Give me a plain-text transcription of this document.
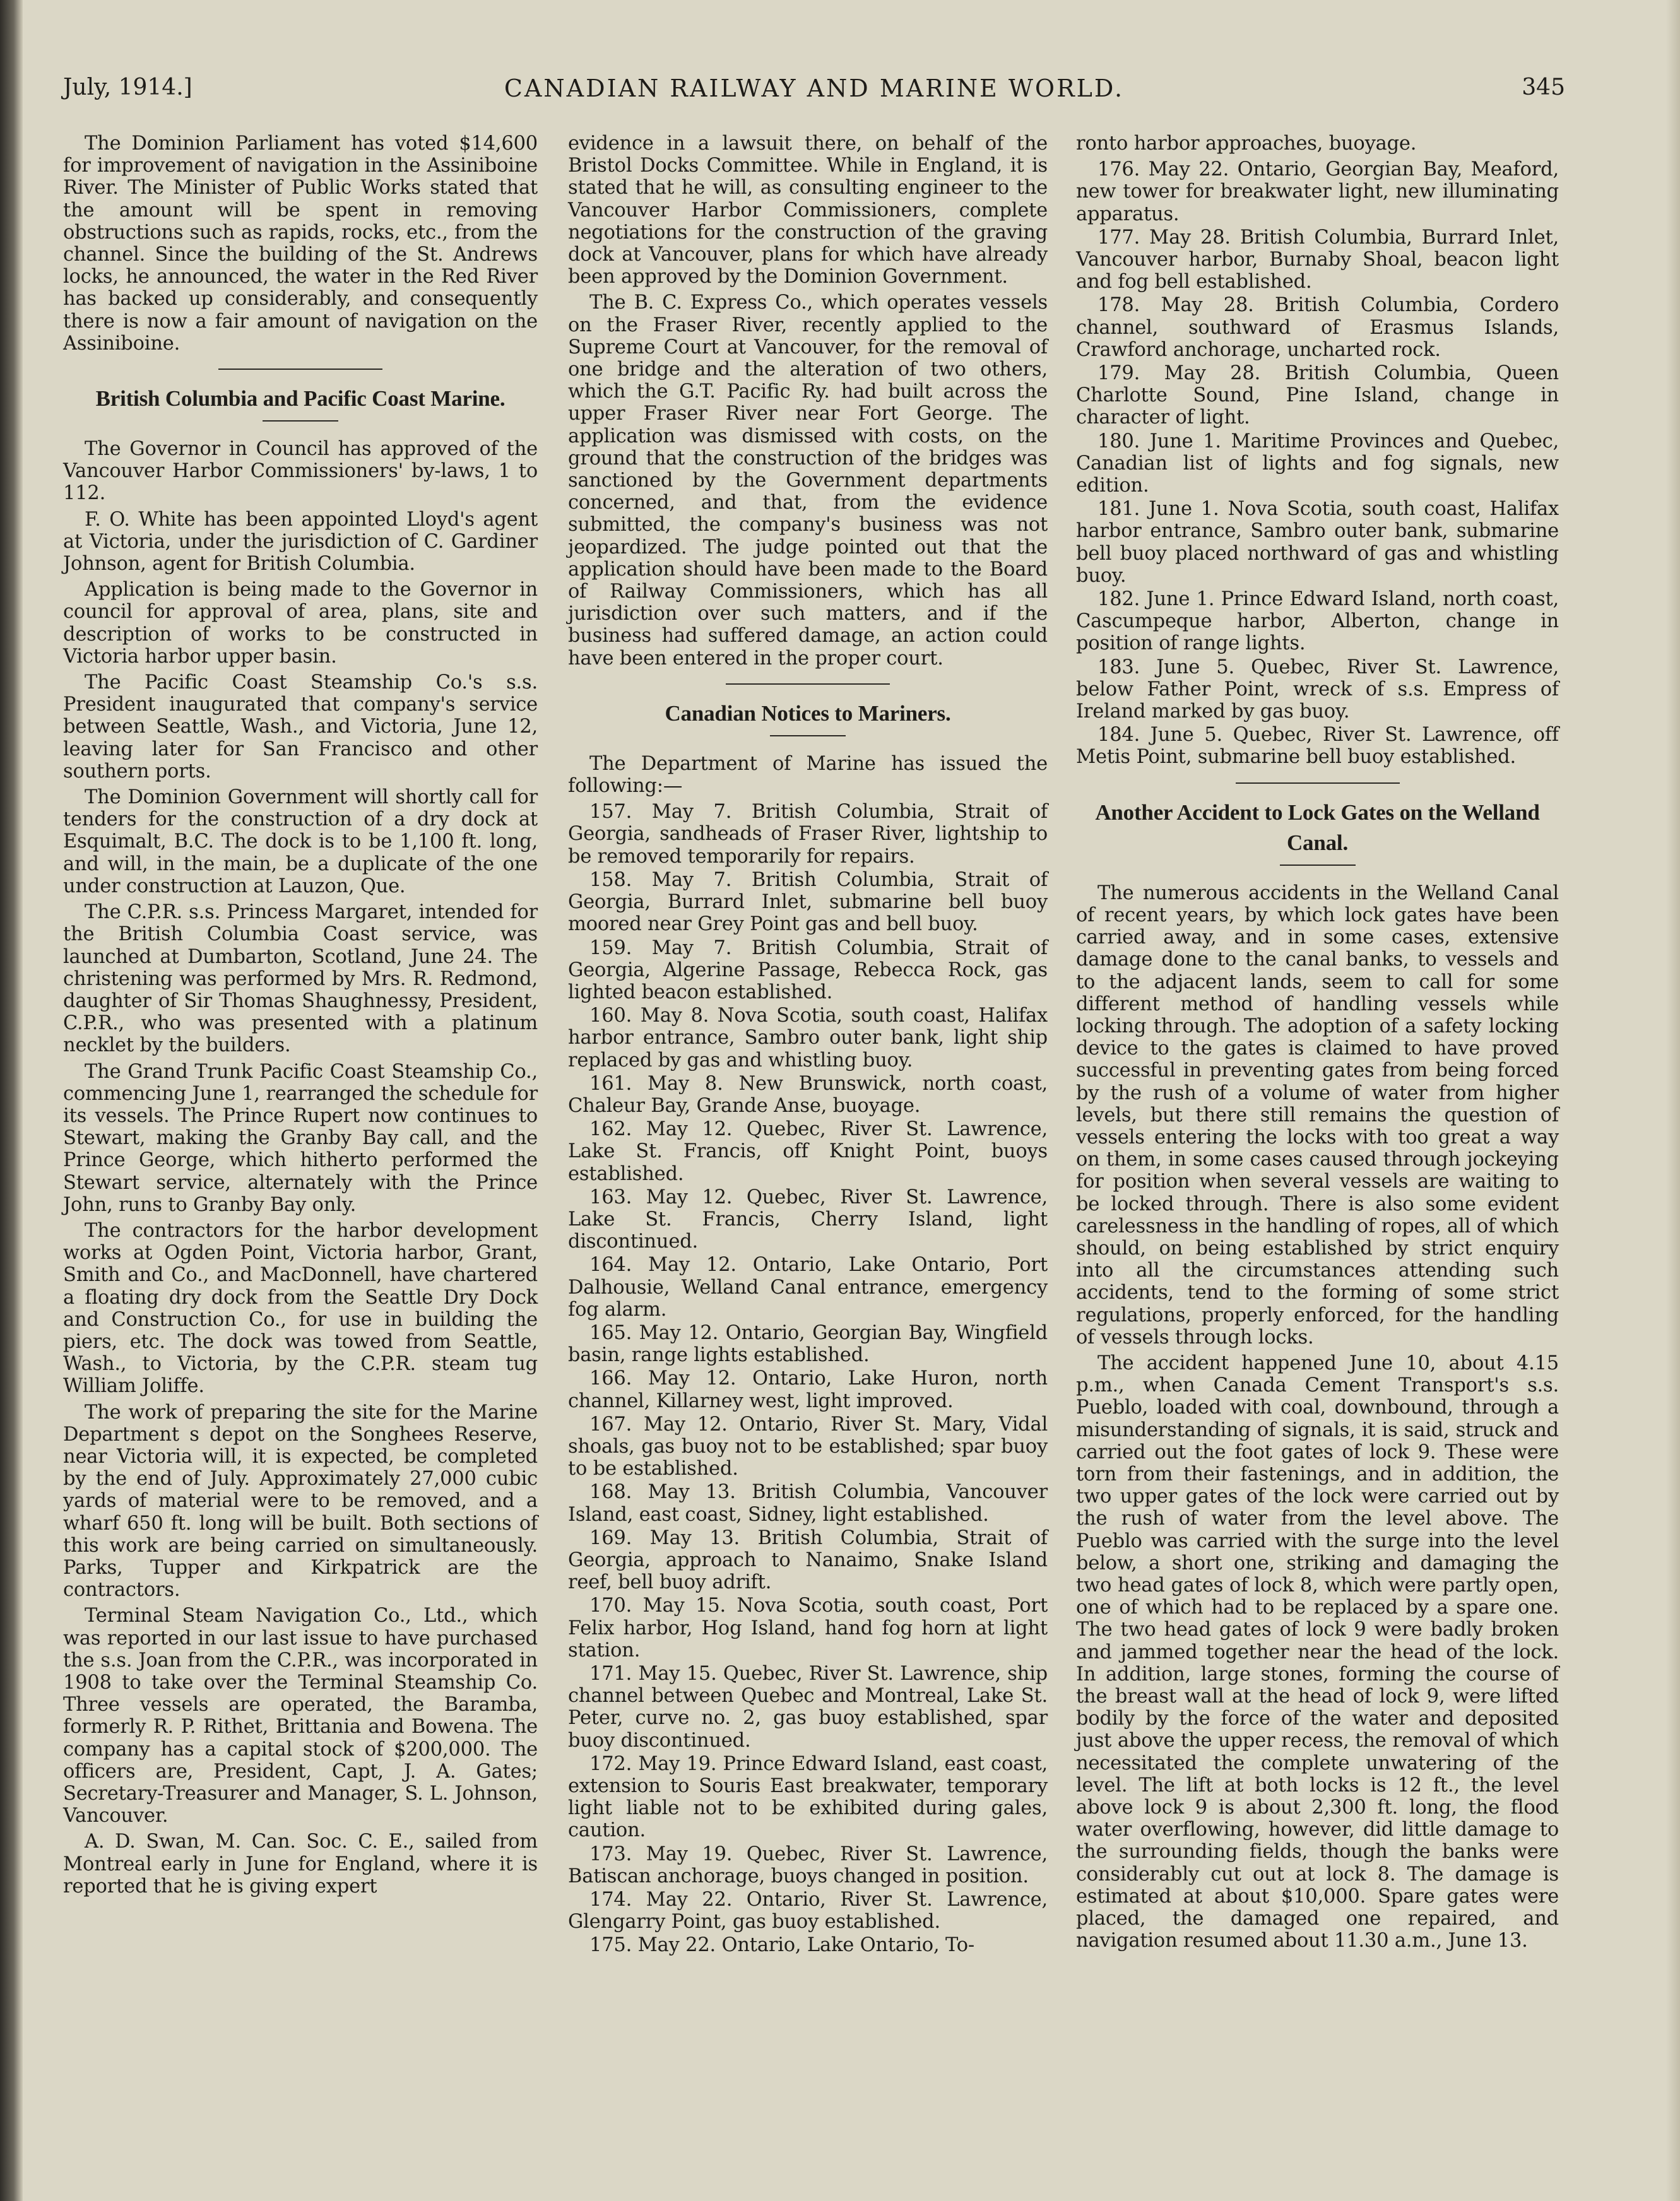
July, 1914.]	CANADIAN RAILWAY AND MARINE WORLD.	345

The Dominion Parliament has voted $14,600 for improvement of navigation in the Assiniboine River. The Minister of Public Works stated that the amount will be spent in removing obstructions such as rapids, rocks, etc., from the channel. Since the building of the St. Andrews locks, he announced, the water in the Red River has backed up considerably, and consequently there is now a fair amount of navigation on the Assiniboine.

British Columbia and Pacific Coast Marine.

The Governor in Council has approved of the Vancouver Harbor Commissioners' by-laws, 1 to 112.

F. O. White has been appointed Lloyd's agent at Victoria, under the jurisdiction of C. Gardiner Johnson, agent for British Columbia.

Application is being made to the Governor in council for approval of area, plans, site and description of works to be constructed in Victoria harbor upper basin.

The Pacific Coast Steamship Co.'s s.s. President inaugurated that company's service between Seattle, Wash., and Victoria, June 12, leaving later for San Francisco and other southern ports.

The Dominion Government will shortly call for tenders for the construction of a dry dock at Esquimalt, B.C. The dock is to be 1,100 ft. long, and will, in the main, be a duplicate of the one under construction at Lauzon, Que.

The C.P.R. s.s. Princess Margaret, intended for the British Columbia Coast service, was launched at Dumbarton, Scotland, June 24. The christening was performed by Mrs. R. Redmond, daughter of Sir Thomas Shaughnessy, President, C.P.R., who was presented with a platinum necklet by the builders.

The Grand Trunk Pacific Coast Steamship Co., commencing June 1, rearranged the schedule for its vessels. The Prince Rupert now continues to Stewart, making the Granby Bay call, and the Prince George, which hitherto performed the Stewart service, alternately with the Prince John, runs to Granby Bay only.

The contractors for the harbor development works at Ogden Point, Victoria harbor, Grant, Smith and Co., and MacDonnell, have chartered a floating dry dock from the Seattle Dry Dock and Construction Co., for use in building the piers, etc. The dock was towed from Seattle, Wash., to Victoria, by the C.P.R. steam tug William Joliffe.

The work of preparing the site for the Marine Department s depot on the Songhees Reserve, near Victoria will, it is expected, be completed by the end of July. Approximately 27,000 cubic yards of material were to be removed, and a wharf 650 ft. long will be built. Both sections of this work are being carried on simultaneously. Parks, Tupper and Kirkpatrick are the contractors.

Terminal Steam Navigation Co., Ltd., which was reported in our last issue to have purchased the s.s. Joan from the C.P.R., was incorporated in 1908 to take over the Terminal Steamship Co. Three vessels are operated, the Baramba, formerly R. P. Rithet, Brittania and Bowena. The company has a capital stock of $200,000. The officers are, President, Capt, J. A. Gates; Secretary-Treasurer and Manager, S. L. Johnson, Vancouver.

A. D. Swan, M. Can. Soc. C. E., sailed from Montreal early in June for England, where it is reported that he is giving expert

evidence in a lawsuit there, on behalf of the Bristol Docks Committee. While in England, it is stated that he will, as consulting engineer to the Vancouver Harbor Commissioners, complete negotiations for the construction of the graving dock at Vancouver, plans for which have already been approved by the Dominion Government.

The B. C. Express Co., which operates vessels on the Fraser River, recently applied to the Supreme Court at Vancouver, for the removal of one bridge and the alteration of two others, which the G.T. Pacific Ry. had built across the upper Fraser River near Fort George. The application was dismissed with costs, on the ground that the construction of the bridges was sanctioned by the Government departments concerned, and that, from the evidence submitted, the company's business was not jeopardized. The judge pointed out that the application should have been made to the Board of Railway Commissioners, which has all jurisdiction over such matters, and if the business had suffered damage, an action could have been entered in the proper court.

Canadian Notices to Mariners.

The Department of Marine has issued the following:—

157. May 7. British Columbia, Strait of Georgia, sandheads of Fraser River, lightship to be removed temporarily for repairs.

158. May 7. British Columbia, Strait of Georgia, Burrard Inlet, submarine bell buoy moored near Grey Point gas and bell buoy.

159. May 7. British Columbia, Strait of Georgia, Algerine Passage, Rebecca Rock, gas lighted beacon established.

160. May 8. Nova Scotia, south coast, Halifax harbor entrance, Sambro outer bank, light ship replaced by gas and whistling buoy.

161. May 8. New Brunswick, north coast, Chaleur Bay, Grande Anse, buoyage.

162. May 12. Quebec, River St. Lawrence, Lake St. Francis, off Knight Point, buoys established.

163. May 12. Quebec, River St. Lawrence, Lake St. Francis, Cherry Island, light discontinued.

164. May 12. Ontario, Lake Ontario, Port Dalhousie, Welland Canal entrance, emergency fog alarm.

165. May 12. Ontario, Georgian Bay, Wingfield basin, range lights established.

166. May 12. Ontario, Lake Huron, north channel, Killarney west, light improved.

167. May 12. Ontario, River St. Mary, Vidal shoals, gas buoy not to be established; spar buoy to be established.

168. May 13. British Columbia, Vancouver Island, east coast, Sidney, light established.

169. May 13. British Columbia, Strait of Georgia, approach to Nanaimo, Snake Island reef, bell buoy adrift.

170. May 15. Nova Scotia, south coast, Port Felix harbor, Hog Island, hand fog horn at light station.

171. May 15. Quebec, River St. Lawrence, ship channel between Quebec and Montreal, Lake St. Peter, curve no. 2, gas buoy established, spar buoy discontinued.

172. May 19. Prince Edward Island, east coast, extension to Souris East breakwater, temporary light liable not to be exhibited during gales, caution.

173. May 19. Quebec, River St. Lawrence, Batiscan anchorage, buoys changed in position.

174. May 22. Ontario, River St. Lawrence, Glengarry Point, gas buoy established.

175. May 22. Ontario, Lake Ontario, To-

ronto harbor approaches, buoyage.

176. May 22. Ontario, Georgian Bay, Meaford, new tower for breakwater light, new illuminating apparatus.

177. May 28. British Columbia, Burrard Inlet, Vancouver harbor, Burnaby Shoal, beacon light and fog bell established.

178. May 28. British Columbia, Cordero channel, southward of Erasmus Islands, Crawford anchorage, uncharted rock.

179. May 28. British Columbia, Queen Charlotte Sound, Pine Island, change in character of light.

180. June 1. Maritime Provinces and Quebec, Canadian list of lights and fog signals, new edition.

181. June 1. Nova Scotia, south coast, Halifax harbor entrance, Sambro outer bank, submarine bell buoy placed northward of gas and whistling buoy.

182. June 1. Prince Edward Island, north coast, Cascumpeque harbor, Alberton, change in position of range lights.

183. June 5. Quebec, River St. Lawrence, below Father Point, wreck of s.s. Empress of Ireland marked by gas buoy.

184. June 5. Quebec, River St. Lawrence, off Metis Point, submarine bell buoy established.

Another Accident to Lock Gates on the Welland Canal.

The numerous accidents in the Welland Canal of recent years, by which lock gates have been carried away, and in some cases, extensive damage done to the canal banks, to vessels and to the adjacent lands, seem to call for some different method of handling vessels while locking through. The adoption of a safety locking device to the gates is claimed to have proved successful in preventing gates from being forced by the rush of a volume of water from higher levels, but there still remains the question of vessels entering the locks with too great a way on them, in some cases caused through jockeying for position when several vessels are waiting to be locked through. There is also some evident carelessness in the handling of ropes, all of which should, on being established by strict enquiry into all the circumstances attending such accidents, tend to the forming of some strict regulations, properly enforced, for the handling of vessels through locks.

The accident happened June 10, about 4.15 p.m., when Canada Cement Transport's s.s. Pueblo, loaded with coal, downbound, through a misunderstanding of signals, it is said, struck and carried out the foot gates of lock 9. These were torn from their fastenings, and in addition, the two upper gates of the lock were carried out by the rush of water from the level above. The Pueblo was carried with the surge into the level below, a short one, striking and damaging the two head gates of lock 8, which were partly open, one of which had to be replaced by a spare one. The two head gates of lock 9 were badly broken and jammed together near the head of the lock. In addition, large stones, forming the course of the breast wall at the head of lock 9, were lifted bodily by the force of the water and deposited just above the upper recess, the removal of which necessitated the complete unwatering of the level. The lift at both locks is 12 ft., the level above lock 9 is about 2,300 ft. long, the flood water overflowing, however, did little damage to the surrounding fields, though the banks were considerably cut out at lock 8. The damage is estimated at about $10,000. Spare gates were placed, the damaged one repaired, and navigation resumed about 11.30 a.m., June 13.
